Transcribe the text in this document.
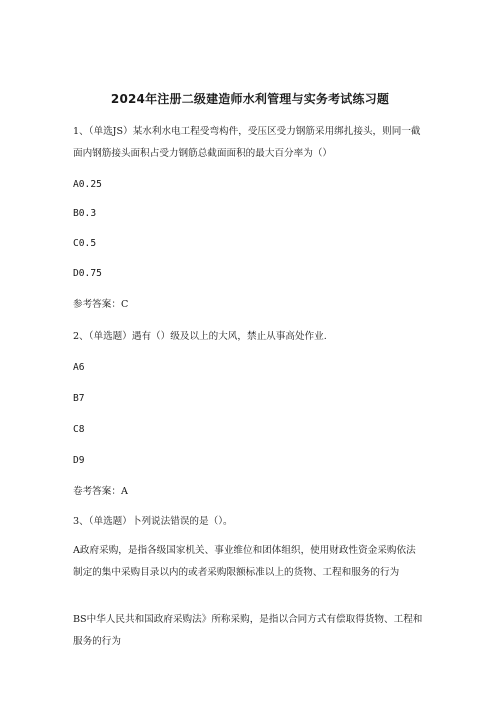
2024年注册二级建造师水利管理与实务考试练习题
1、（单选JS）某水利水电工程受弯构件，受压区受力钢筋采用绑扎接头，则同一截面内钢筋接头面积占受力钢筋总截面面积的最大百分率为（）
A0.25
B0.3
C0.5
D0.75
参考答案：C
2、（单选题）遇有（）级及以上的大风，禁止从事高处作业.
A6
B7
C8
D9
卷考答案：A
3、（单选题）卜列说法错误的是（）。
A政府采购，是指各级国家机关、事业维位和团体组织，使用财政性资金采购依法制定的集中采购目录以内的或者采购限额标准以上的货物、工程和服务的行为
BS中华人民共和国政府采购法》所称采购，是指以合同方式有偿取得货物、工程和服务的行为
